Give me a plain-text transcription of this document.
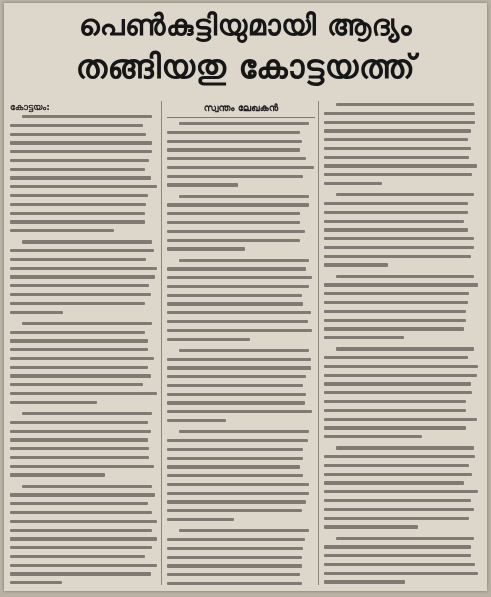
പെൺകുട്ടിയുമായി ആദ്യം
തങ്ങിയതു കോട്ടയത്ത്
കോട്ടയം:	സ്വന്തം ലേഖകൻ
